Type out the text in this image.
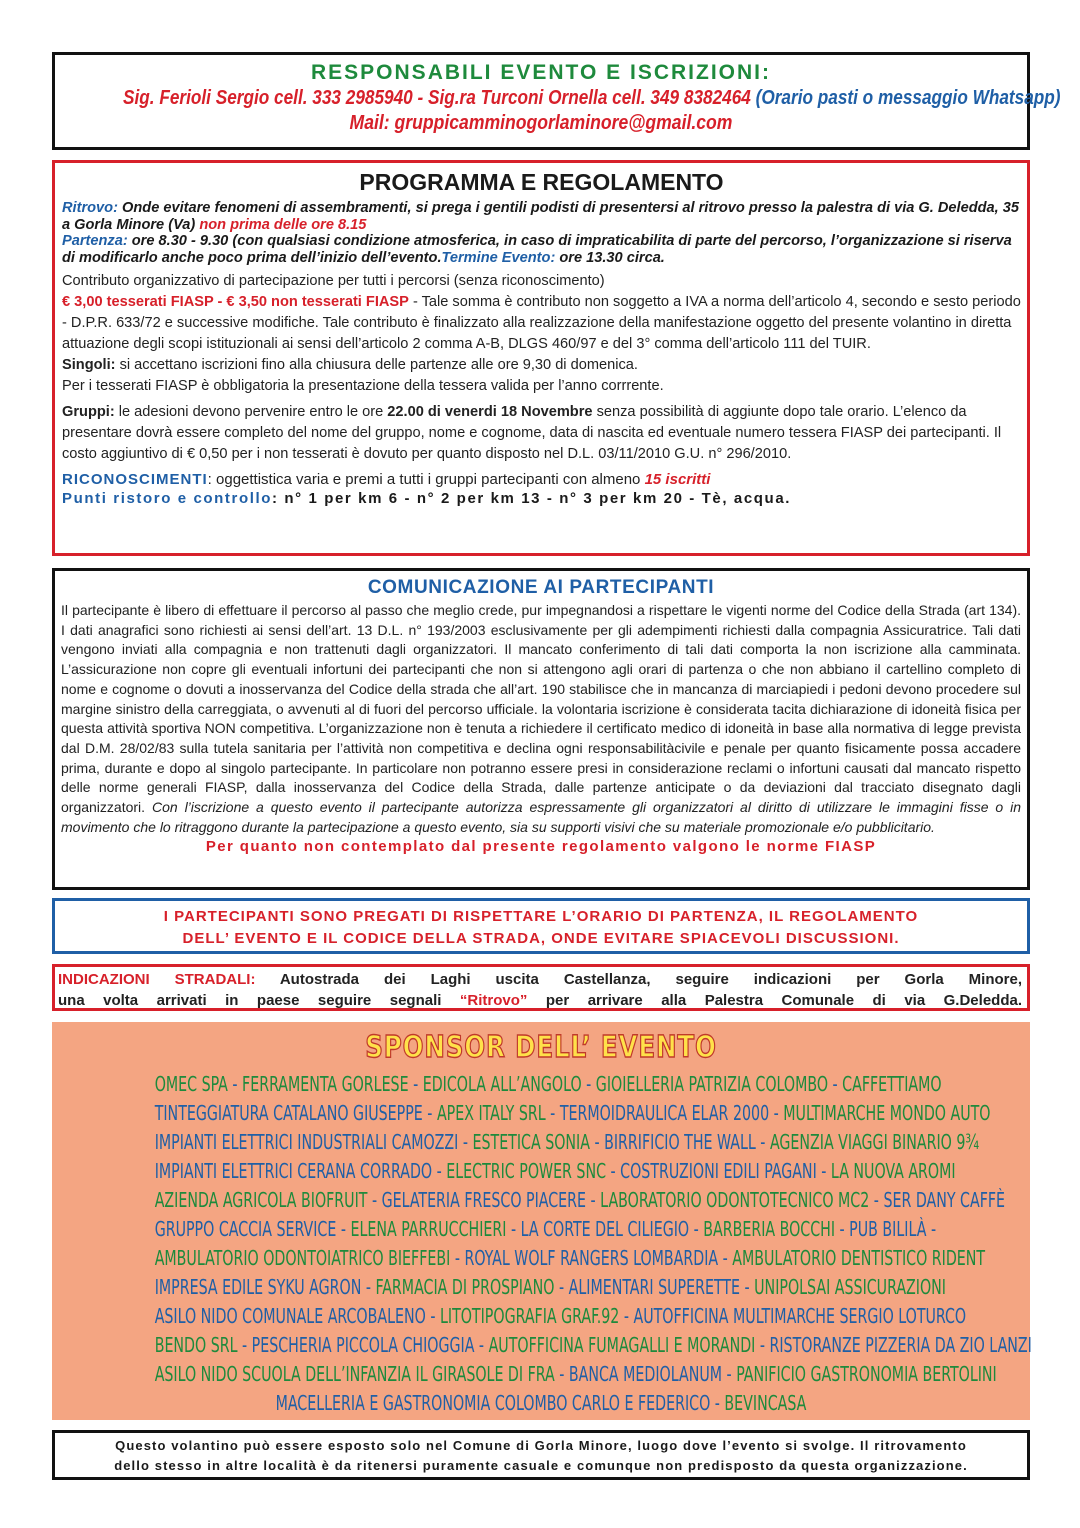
RESPONSABILI EVENTO E ISCRIZIONI:
Sig. Ferioli Sergio cell. 333 2985940 - Sig.ra Turconi Ornella cell. 349 8382464 (Orario pasti o messaggio Whatsapp)
Mail: gruppicamminogorlaminore@gmail.com
PROGRAMMA E REGOLAMENTO
Ritrovo: Onde evitare fenomeni di assembramenti, si prega i gentili podisti di presentersi al ritrovo presso la palestra di via G. Deledda, 35 a Gorla Minore (Va) non prima delle ore 8.15
Partenza: ore 8.30 - 9.30 (con qualsiasi condizione atmosferica, in caso di impraticabilita di parte del percorso, l’organizzazione si riserva di modificarlo anche poco prima dell’inizio dell’evento.Termine Evento: ore 13.30 circa.
Contributo organizzativo di partecipazione per tutti i percorsi (senza riconoscimento)
€ 3,00 tesserati FIASP - € 3,50 non tesserati FIASP - Tale somma è contributo non soggetto a IVA a norma dell’articolo 4, secondo e sesto periodo - D.P.R. 633/72 e successive modifiche. Tale contributo è finalizzato alla realizzazione della manifestazione oggetto del presente volantino in diretta attuazione degli scopi istituzionali ai sensi dell’articolo 2 comma A-B, DLGS 460/97 e del 3° comma dell’articolo 111 del TUIR.
Singoli: si accettano iscrizioni fino alla chiusura delle partenze alle ore 9,30 di domenica.
Per i tesserati FIASP è obbligatoria la presentazione della tessera valida per l’anno corrrente.
Gruppi: le adesioni devono pervenire entro le ore 22.00 di venerdi 18 Novembre senza possibilità di aggiunte dopo tale orario. L’elenco da presentare dovrà essere completo del nome del gruppo, nome e cognome, data di nascita ed eventuale numero tessera FIASP dei partecipanti. Il costo aggiuntivo di € 0,50 per i non tesserati è dovuto per quanto disposto nel D.L. 03/11/2010 G.U. n° 296/2010.
RICONOSCIMENTI: oggettistica varia e premi a tutti i gruppi partecipanti con almeno 15 iscritti
Punti ristoro e controllo: n° 1 per km 6 - n° 2 per km 13 - n° 3 per km 20 - Tè, acqua.
COMUNICAZIONE AI PARTECIPANTI
Il partecipante è libero di effettuare il percorso al passo che meglio crede, pur impegnandosi a rispettare le vigenti norme del Codice della Strada (art 134). I dati anagrafici sono richiesti ai sensi dell’art. 13 D.L. n° 193/2003 esclusivamente per gli adempimenti richiesti dalla compagnia Assicuratrice. Tali dati vengono inviati alla compagnia e non trattenuti dagli organizzatori. Il mancato conferimento di tali dati comporta la non iscrizione alla camminata. L’assicurazione non copre gli eventuali infortuni dei partecipanti che non si attengono agli orari di partenza o che non abbiano il cartellino completo di nome e cognome o dovuti a inosservanza del Codice della strada che all’art. 190 stabilisce che in mancanza di marciapiedi i pedoni devono procedere sul margine sinistro della carreggiata, o avvenuti al di fuori del percorso ufficiale. la volontaria iscrizione è considerata tacita dichiarazione di idoneità fisica per questa attività sportiva NON competitiva. L’organizzazione non è tenuta a richiedere il certificato medico di idoneità in base alla normativa di legge prevista dal D.M. 28/02/83 sulla tutela sanitaria per l’attività non competitiva e declina ogni responsabilitàcivile e penale per quanto fisicamente possa accadere prima, durante e dopo al singolo partecipante. In particolare non potranno essere presi in considerazione reclami o infortuni causati dal mancato rispetto delle norme generali FIASP, dalla inosservanza del Codice della Strada, dalle partenze anticipate o da deviazioni dal tracciato disegnato dagli organizzatori. Con l’iscrizione a questo evento il partecipante autorizza espressamente gli organizzatori al diritto di utilizzare le immagini fisse o in movimento che lo ritraggono durante la partecipazione a questo evento, sia su supporti visivi che su materiale promozionale e/o pubblicitario.
Per quanto non contemplato dal presente regolamento valgono le norme FIASP
I PARTECIPANTI SONO PREGATI DI RISPETTARE L’ORARIO DI PARTENZA, IL REGOLAMENTO
DELL’ EVENTO E IL CODICE DELLA STRADA, ONDE EVITARE SPIACEVOLI DISCUSSIONI.
INDICAZIONI STRADALI: Autostrada dei Laghi uscita Castellanza, seguire indicazioni per Gorla Minore,
una volta arrivati in paese seguire segnali “Ritrovo” per arrivare alla Palestra Comunale di via G.Deledda.
SPONSOR DELL’ EVENTO
OMEC SPA - FERRAMENTA GORLESE - EDICOLA ALL’ANGOLO - GIOIELLERIA PATRIZIA COLOMBO - CAFFETTIAMO
TINTEGGIATURA CATALANO GIUSEPPE - APEX ITALY SRL - TERMOIDRAULICA ELAR 2000 - MULTIMARCHE MONDO AUTO
IMPIANTI ELETTRICI INDUSTRIALI CAMOZZI - ESTETICA SONIA - BIRRIFICIO THE WALL - AGENZIA VIAGGI BINARIO 9¾
IMPIANTI ELETTRICI CERANA CORRADO - ELECTRIC POWER SNC - COSTRUZIONI EDILI PAGANI - LA NUOVA AROMI
AZIENDA AGRICOLA BIOFRUIT - GELATERIA FRESCO PIACERE - LABORATORIO ODONTOTECNICO MC2 - SER DANY CAFFÈ
GRUPPO CACCIA SERVICE - ELENA PARRUCCHIERI - LA CORTE DEL CILIEGIO - BARBERIA BOCCHI - PUB BILILÀ -
AMBULATORIO ODONTOIATRICO BIEFFEBI - ROYAL WOLF RANGERS LOMBARDIA - AMBULATORIO DENTISTICO RIDENT
IMPRESA EDILE SYKU AGRON - FARMACIA DI PROSPIANO - ALIMENTARI SUPERETTE - UNIPOLSAI ASSICURAZIONI
ASILO NIDO COMUNALE ARCOBALENO - LITOTIPOGRAFIA GRAF.92 - AUTOFFICINA MULTIMARCHE SERGIO LOTURCO
BENDO SRL - PESCHERIA PICCOLA CHIOGGIA - AUTOFFICINA FUMAGALLI E MORANDI - RISTORANZE PIZZERIA DA ZIO LANZI
ASILO NIDO SCUOLA DELL’INFANZIA IL GIRASOLE DI FRA - BANCA MEDIOLANUM - PANIFICIO GASTRONOMIA BERTOLINI
MACELLERIA E GASTRONOMIA COLOMBO CARLO E FEDERICO - BEVINCASA
Questo volantino può essere esposto solo nel Comune di Gorla Minore, luogo dove l’evento si svolge. Il ritrovamento
dello stesso in altre località è da ritenersi puramente casuale e comunque non predisposto da questa organizzazione.
